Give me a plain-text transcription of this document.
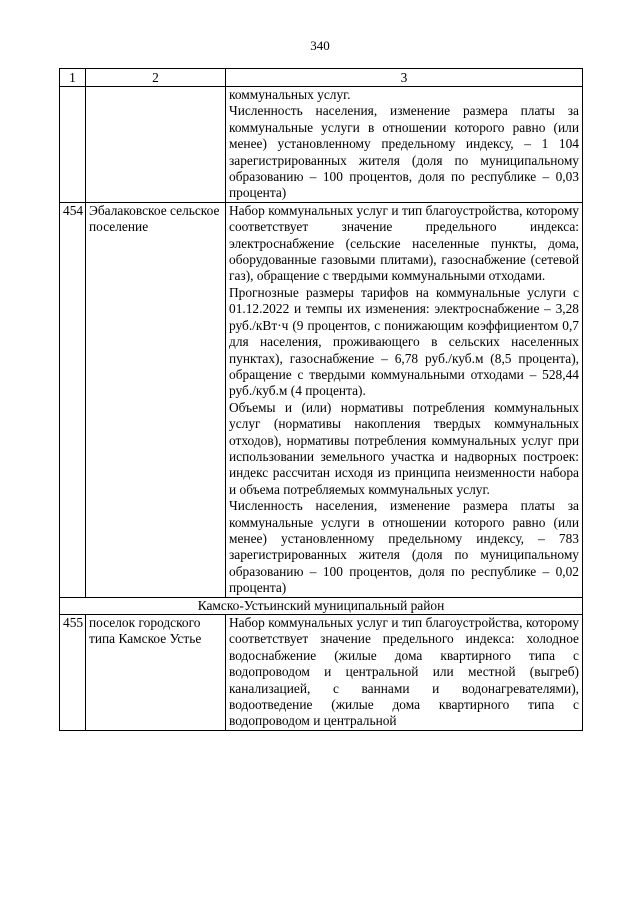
340
1	2	3

		коммунальных услуг.

Численность населения, изменение размера платы за коммунальные услуги в отношении которого равно (или менее) установленному предельному индексу, – 1 104 зарегистрированных жителя (доля по муниципальному образованию – 100 процентов, доля по республике – 0,03 процента)

454	Эбалаковское сельское поселение	Набор коммунальных услуг и тип благоустройства, которому соответствует значение предельного индекса: электроснабжение (сельские населенные пункты, дома, оборудованные газовыми плитами), газоснабжение (сетевой газ), обращение с твердыми коммунальными отходами.

Прогнозные размеры тарифов на коммунальные услуги с 01.12.2022 и темпы их изменения: электроснабжение – 3,28 руб./кВт·ч (9 процентов, с понижающим коэффициентом 0,7 для населения, проживающего в сельских населенных пунктах), газоснабжение – 6,78 руб./куб.м (8,5 процента), обращение с твердыми коммунальными отходами – 528,44 руб./куб.м (4 процента).

Объемы и (или) нормативы потребления коммунальных услуг (нормативы накопления твердых коммунальных отходов), нормативы потребления коммунальных услуг при использовании земельного участка и надворных построек: индекс рассчитан исходя из принципа неизменности набора и объема потребляемых коммунальных услуг.

Численность населения, изменение размера платы за коммунальные услуги в отношении которого равно (или менее) установленному предельному индексу, – 783 зарегистрированных жителя (доля по муниципальному образованию – 100 процентов, доля по республике – 0,02 процента)

Камско-Устьинский муниципальный район		
455	поселок городского типа Камское Устье	Набор коммунальных услуг и тип благоустройства, которому соответствует значение предельного индекса: холодное водоснабжение (жилые дома квартирного типа с водопроводом и центральной или местной (выгреб) канализацией, с ваннами и водонагревателями), водоотведение (жилые дома квартирного типа с водопроводом и центральной
